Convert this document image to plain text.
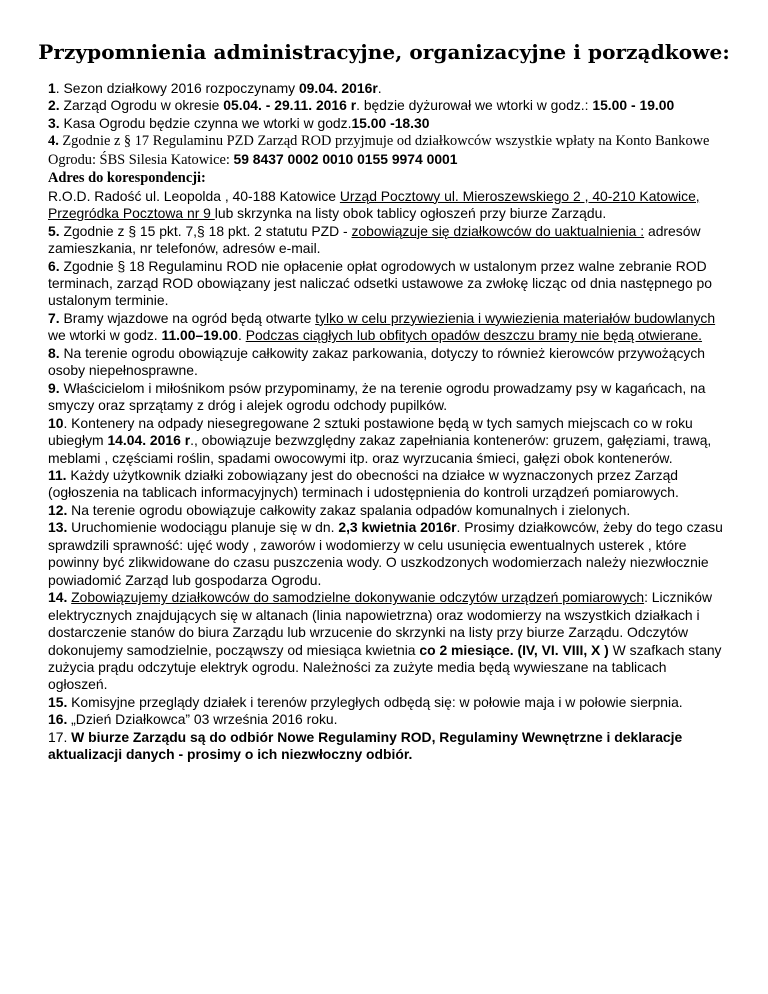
Przypomnienia administracyjne, organizacyjne i porządkowe:

1. Sezon działkowy 2016 rozpoczynamy 09.04. 2016r.

2. Zarząd Ogrodu w okresie 05.04. - 29.11. 2016 r. będzie dyżurował we wtorki w godz.: 15.00 - 19.00

3. Kasa Ogrodu będzie czynna we wtorki w godz.15.00 -18.30

4. Zgodnie z § 17 Regulaminu PZD Zarząd ROD przyjmuje od działkowców wszystkie wpłaty na Konto Bankowe Ogrodu: ŚBS Silesia Katowice: 59 8437 0002 0010 0155 9974 0001

Adres do korespondencji:
R.O.D. Radość ul. Leopolda , 40-188 Katowice Urząd Pocztowy ul. Mieroszewskiego 2 , 40-210 Katowice, Przegródka Pocztowa nr 9 lub skrzynka na listy obok tablicy ogłoszeń przy biurze Zarządu.

5. Zgodnie z § 15 pkt. 7,§ 18 pkt. 2 statutu PZD - zobowiązuje się działkowców do uaktualnienia : adresów zamieszkania, nr telefonów, adresów e-mail.

6. Zgodnie § 18 Regulaminu ROD nie opłacenie opłat ogrodowych w ustalonym przez walne zebranie ROD terminach, zarząd ROD obowiązany jest naliczać odsetki ustawowe za zwłokę licząc od dnia następnego po ustalonym terminie.

7. Bramy wjazdowe na ogród będą otwarte tylko w celu przywiezienia i wywiezienia materiałów budowlanych we wtorki w godz. 11.00–19.00. Podczas ciągłych lub obfitych opadów deszczu bramy nie będą otwierane.

8. Na terenie ogrodu obowiązuje całkowity zakaz parkowania, dotyczy to również kierowców przywożących osoby niepełnosprawne.

9. Właścicielom i miłośnikom psów przypominamy, że na terenie ogrodu prowadzamy psy w kagańcach, na smyczy oraz sprzątamy z dróg i alejek ogrodu odchody pupilków.

10. Kontenery na odpady niesegregowane 2 sztuki postawione będą w tych samych miejscach co w roku ubiegłym 14.04. 2016 r., obowiązuje bezwzględny zakaz zapełniania kontenerów: gruzem, gałęziami, trawą, meblami , częściami roślin, spadami owocowymi itp. oraz wyrzucania śmieci, gałęzi obok kontenerów.

11. Każdy użytkownik działki zobowiązany jest do obecności na działce w wyznaczonych przez Zarząd (ogłoszenia na tablicach informacyjnych) terminach i udostępnienia do kontroli urządzeń pomiarowych.

12. Na terenie ogrodu obowiązuje całkowity zakaz spalania odpadów komunalnych i zielonych.

13. Uruchomienie wodociągu planuje się w dn. 2,3 kwietnia 2016r. Prosimy działkowców, żeby do tego czasu sprawdzili sprawność: ujęć wody , zaworów i wodomierzy w celu usunięcia ewentualnych usterek , które powinny być zlikwidowane do czasu puszczenia wody. O uszkodzonych wodomierzach należy niezwłocznie powiadomić Zarząd lub gospodarza Ogrodu.

14. Zobowiązujemy działkowców do samodzielne dokonywanie odczytów urządzeń pomiarowych: Liczników elektrycznych znajdujących się w altanach (linia napowietrzna) oraz wodomierzy na wszystkich działkach i dostarczenie stanów do biura Zarządu lub wrzucenie do skrzynki na listy przy biurze Zarządu. Odczytów dokonujemy samodzielnie, począwszy od miesiąca kwietnia co 2 miesiące. (IV, VI. VIII, X ) W szafkach stany zużycia prądu odczytuje elektryk ogrodu. Należności za zużyte media będą wywieszane na tablicach ogłoszeń.

15. Komisyjne przeglądy działek i terenów przyległych odbędą się: w połowie maja i w połowie sierpnia.

16. „Dzień Działkowca” 03 września 2016 roku.

17. W biurze Zarządu są do odbiór Nowe Regulaminy ROD, Regulaminy Wewnętrzne i deklaracje aktualizacji danych - prosimy o ich niezwłoczny odbiór.
